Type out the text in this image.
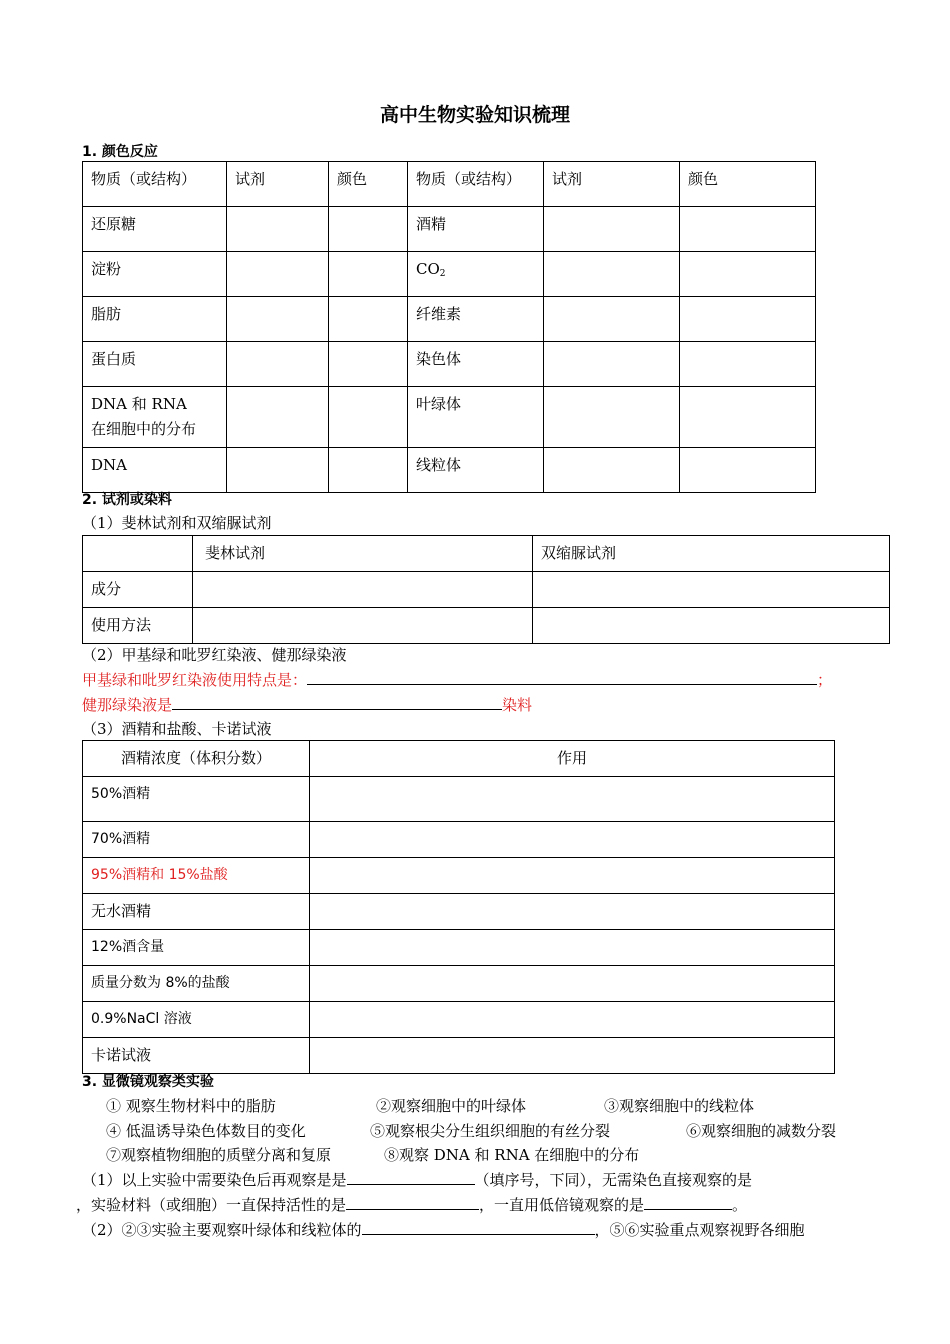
高中生物实验知识梳理
1. 颜色反应
物质（或结构）	试剂	颜色	物质（或结构）	试剂	颜色
还原糖			酒精		
淀粉			$CO_2$		
脂肪			纤维素		
蛋白质			染色体		

DNA 和 RNA
在细胞中的分布			叶绿体		
DNA			线粒体		
2. 试剂或染料
（1）斐林试剂和双缩脲试剂
	斐林试剂	双缩脲试剂
成分		
使用方法		
（2）甲基绿和吡罗红染液、健那绿染液
甲基绿和吡罗红染液使用特点是：	；
健那绿染液是	染料
（3）酒精和盐酸、卡诺试液
酒精浓度（体积分数）	作用
50%酒精	
70%酒精	
95%酒精和 15%盐酸	
无水酒精	
12%酒含量	
质量分数为 8%的盐酸	
0.9%NaCl 溶液	
卡诺试液	
3. 显微镜观察类实验
① 观察生物材料中的脂肪	②观察细胞中的叶绿体	③观察细胞中的线粒体
④ 低温诱导染色体数目的变化	⑤观察根尖分生组织细胞的有丝分裂	⑥观察细胞的减数分裂
⑦观察植物细胞的质壁分离和复原	⑧观察 DNA 和 RNA 在细胞中的分布
（1）以上实验中需要染色后再观察是是	（填序号，下同），无需染色直接观察的是
，实验材料（或细胞）一直保持活性的是	，一直用低倍镜观察的是	。
（2）②③实验主要观察叶绿体和线粒体的	，⑤⑥实验重点观察视野各细胞
